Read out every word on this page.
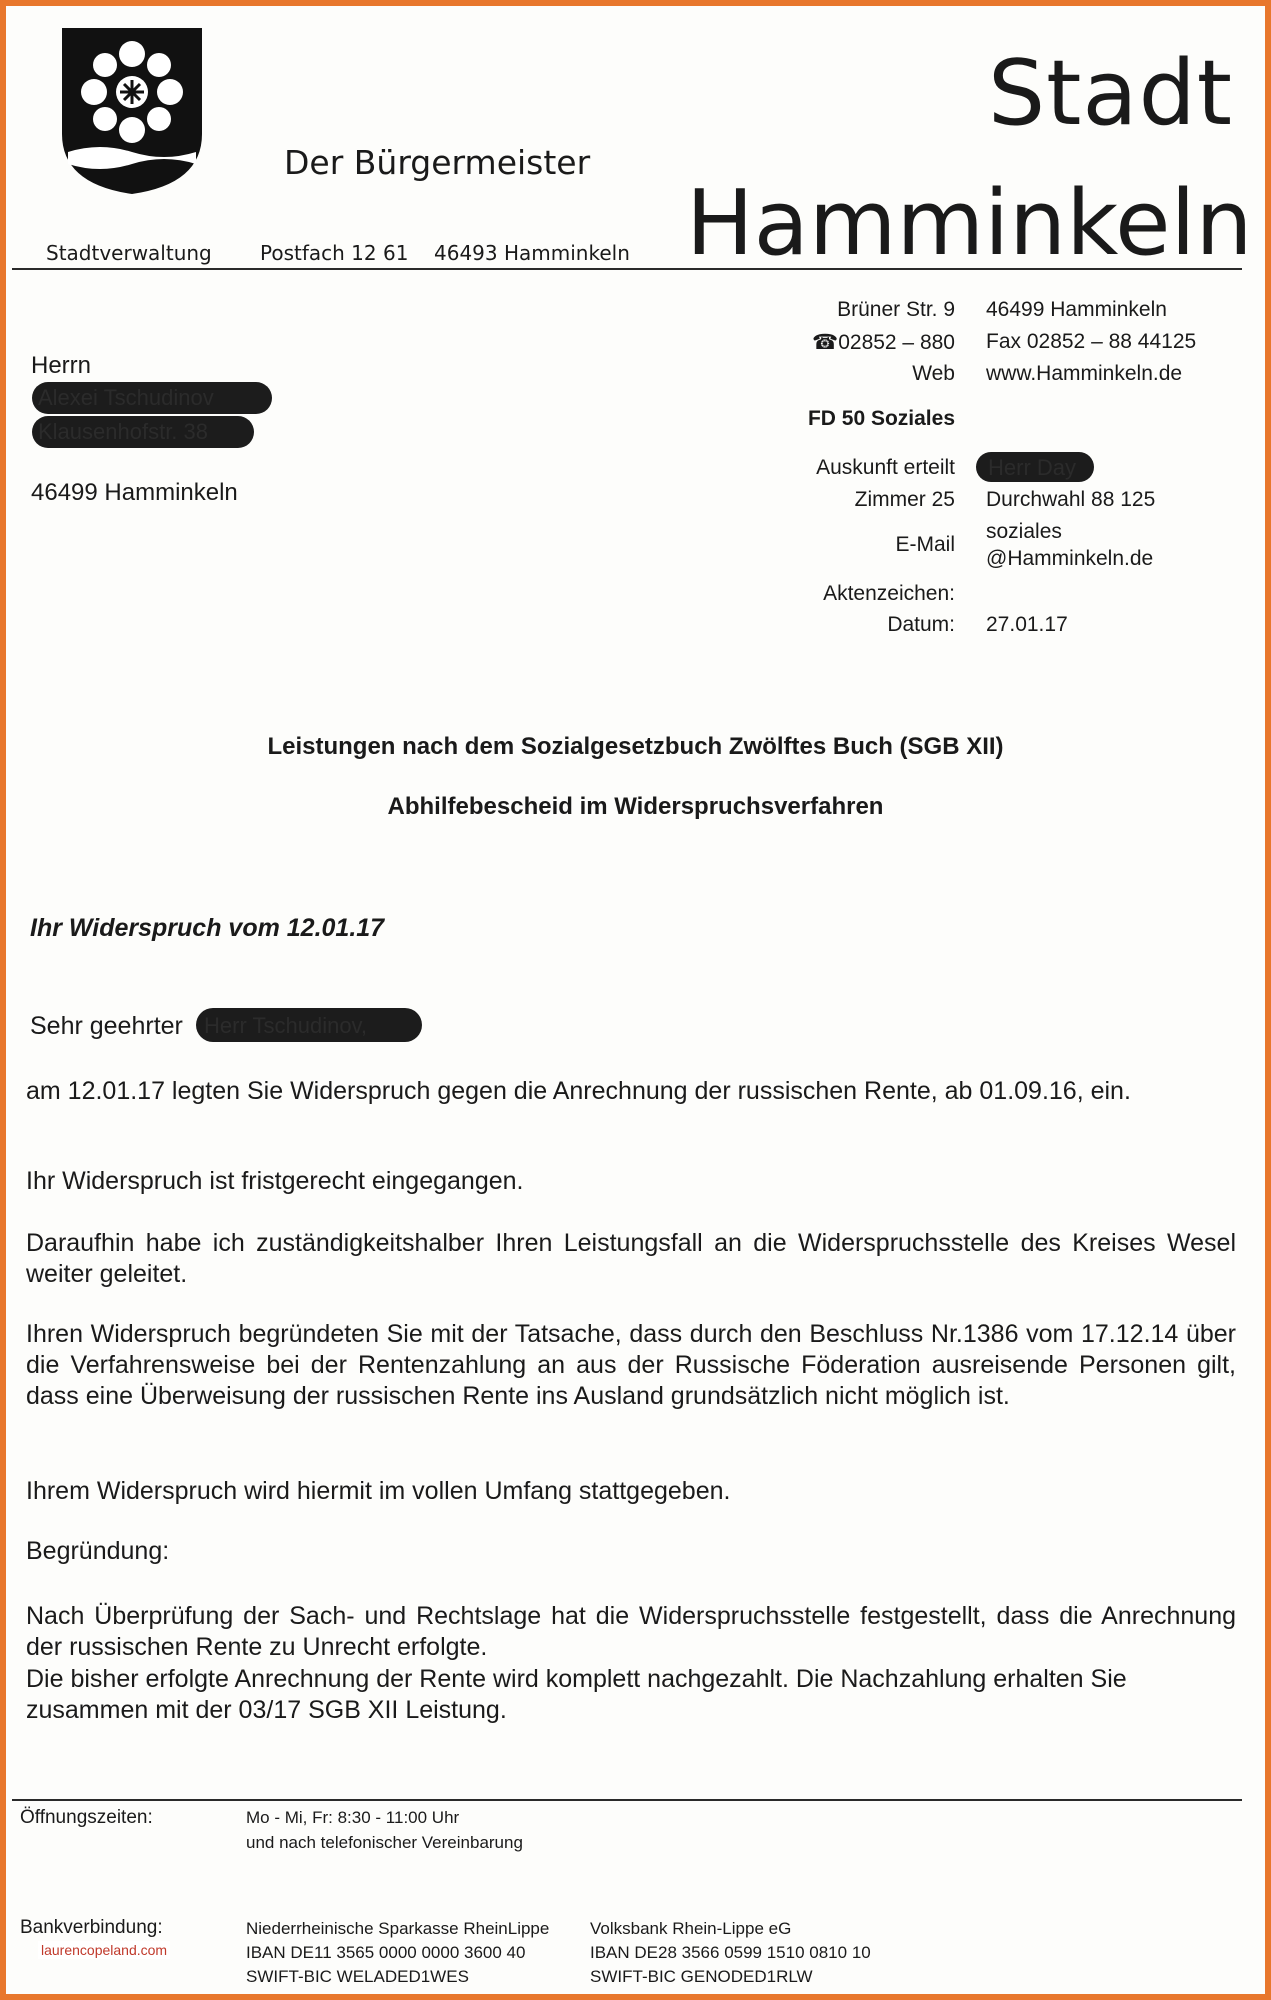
Der Bürgermeister
Stadt
Hamminkeln
Stadtverwaltung Postfach 12 61 46493 Hamminkeln
Brüner Str. 9 46499 Hamminkeln
☎02852 – 880 Fax 02852 – 88 44125
Web www.Hamminkeln.de
FD 50 Soziales
Auskunft erteilt Herr Day
Zimmer 25 Durchwahl 88 125
E-Mail
soziales
@Hamminkeln.de
Aktenzeichen:
Datum: 27.01.17
Herrn
Alexei Tschudinov
Klausenhofstr. 38
46499 Hamminkeln
Leistungen nach dem Sozialgesetzbuch Zwölftes Buch (SGB XII)
Abhilfebescheid im Widerspruchsverfahren
Ihr Widerspruch vom 12.01.17
Sehr geehrter Herr Tschudinov,
am 12.01.17 legten Sie Widerspruch gegen die Anrechnung der russischen Rente, ab 01.09.16, ein.
Ihr Widerspruch ist fristgerecht eingegangen.
Daraufhin habe ich zuständigkeitshalber Ihren Leistungsfall an die Widerspruchsstelle des Kreises Wesel weiter geleitet.
Ihren Widerspruch begründeten Sie mit der Tatsache, dass durch den Beschluss Nr.1386 vom 17.12.14 über die Verfahrensweise bei der Rentenzahlung an aus der Russische Föderation ausreisende Personen gilt, dass eine Überweisung der russischen Rente ins Ausland grundsätzlich nicht möglich ist.
Ihrem Widerspruch wird hiermit im vollen Umfang stattgegeben.
Begründung:
Nach Überprüfung der Sach- und Rechtslage hat die Widerspruchsstelle festgestellt, dass die Anrechnung der russischen Rente zu Unrecht erfolgte.
Die bisher erfolgte Anrechnung der Rente wird komplett nachgezahlt. Die Nachzahlung erhalten Sie zusammen mit der 03/17 SGB XII Leistung.
Öffnungszeiten:	Mo - Mi, Fr: 8:30 - 11:00 Uhr
und nach telefonischer Vereinbarung
Bankverbindung:	Niederrheinische Sparkasse RheinLippe
IBAN DE11 3565 0000 0000 3600 40
SWIFT-BIC WELADED1WES
Volksbank Rhein-Lippe eG
IBAN DE28 3566 0599 1510 0810 10
SWIFT-BIC GENODED1RLW
laurencopeland.com
